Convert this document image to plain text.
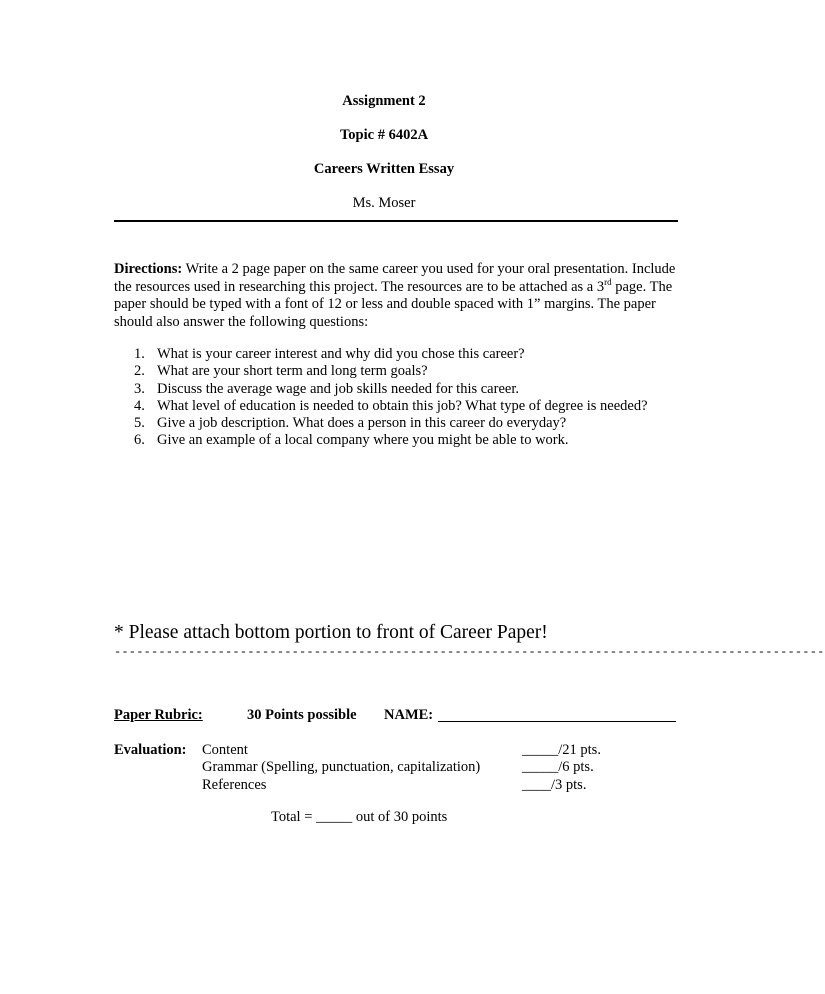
Assignment 2
Topic # 6402A
Careers Written Essay
Ms. Moser
Directions: Write a 2 page paper on the same career you used for your oral presentation. Include the resources used in researching this project. The resources are to be attached as a 3rd page. The paper should be typed with a font of 12 or less and double spaced with 1” margins. The paper should also answer the following questions:
1. What is your career interest and why did you chose this career?
2. What are your short term and long term goals?
3. Discuss the average wage and job skills needed for this career.
4. What level of education is needed to obtain this job? What type of degree is needed?
5. Give a job description. What does a person in this career do everyday?
6. Give an example of a local company where you might be able to work.
* Please attach bottom portion to front of Career Paper!
------------------------------------------------------------------------------------------------
Paper Rubric:	30 Points possible NAME:
Evaluation: Content
Grammar (Spelling, punctuation, capitalization)
References
_____/21 pts.
_____/6 pts.
____/3 pts.
Total = _____ out of 30 points
